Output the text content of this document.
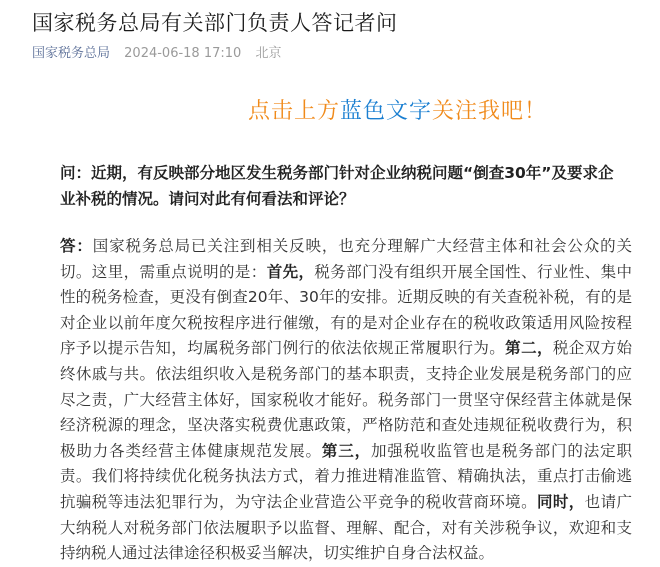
国家税务总局有关部门负责人答记者问
国家税务总局 2024-06-18 17:10 北京
点击上方蓝色文字关注我吧！
问：近期，有反映部分地区发生税务部门针对企业纳税问题“倒查30年”及要求企业补税的情况。请问对此有何看法和评论？
答：国家税务总局已关注到相关反映，也充分理解广大经营主体和社会公众的关切。这里，需重点说明的是：首先，税务部门没有组织开展全国性、行业性、集中性的税务检查，更没有倒查20年、30年的安排。近期反映的有关查税补税，有的是对企业以前年度欠税按程序进行催缴，有的是对企业存在的税收政策适用风险按程序予以提示告知，均属税务部门例行的依法依规正常履职行为。第二，税企双方始终休戚与共。依法组织收入是税务部门的基本职责，支持企业发展是税务部门的应尽之责，广大经营主体好，国家税收才能好。税务部门一贯坚守保经营主体就是保经济税源的理念，坚决落实税费优惠政策，严格防范和查处违规征税收费行为，积极助力各类经营主体健康规范发展。第三，加强税收监管也是税务部门的法定职责。我们将持续优化税务执法方式，着力推进精准监管、精确执法，重点打击偷逃抗骗税等违法犯罪行为，为守法企业营造公平竞争的税收营商环境。同时，也请广大纳税人对税务部门依法履职予以监督、理解、配合，对有关涉税争议，欢迎和支持纳税人通过法律途径积极妥当解决，切实维护自身合法权益。
